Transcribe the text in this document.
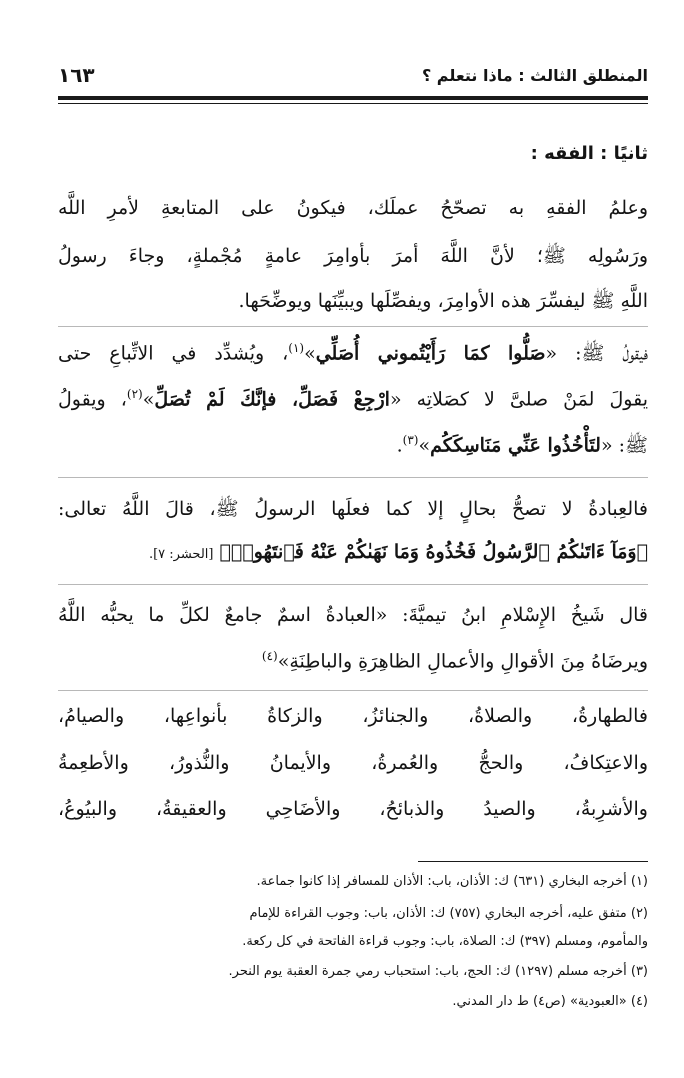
١٦٣	المنطلق الثالث : ماذا نتعلم ؟
ثانيًا : الفقه :
وعلمُ الفقهِ به تصحّحُ عملَك، فيكونُ على المتابعةِ لأمرِ اللَّه
ورَسُولِه ﷺ؛ لأنَّ اللَّهَ أمرَ بأوامِرَ عامةٍ مُجْملةٍ، وجاءَ رسولُ
اللَّهِ ﷺ ليفسِّرَ هذه الأوامِرَ، ويفصِّلَها ويبيِّنَها ويوضِّحَها.
فيقولُ ﷺ: «صَلُّوا كمَا رَأَيْتُموني أُصَلِّي»$^{(١)}$، ويُشدِّد في الاتِّباعِ حتى
يقولَ لمَنْ صلىَّ لا كصَلاتِه «ارْجِعْ فَصَلِّ، فإنَّكَ لَمْ تُصَلِّ»$^{(٢)}$، ويقولُ
ﷺ: «لتَأْخُذُوا عَنِّي مَنَاسِكَكُم»$^{(٣)}$.
فالعِبادةُ لا تصحُّ بحالٍ إلا كما فعلَها الرسولُ ﷺ، قالَ اللَّهُ تعالى:
﴿وَمَآ ءَاتَىٰكُمُ ٱلرَّسُولُ فَخُذُوهُ وَمَا نَهَىٰكُمْ عَنْهُ فَٱنتَهُوا۟﴾ [الحشر: ٧].
قال شَيخُ الإِسْلامِ ابنُ تيميَّةَ: «العبادةُ اسمٌ جامعٌ لكلِّ ما يحبُّه اللَّهُ
ويرضَاهُ مِنَ الأقوالِ والأعمالِ الظاهِرَةِ والباطِنَةِ»$^{(٤)}$
فالطهارةُ، والصلاةُ، والجنائزُ، والزكاةُ بأنواعِها، والصيامُ،
والاعتِكافُ، والحجُّ والعُمرةُ، والأيمانُ والنُّذورُ، والأطعِمةُ
والأشرِبةُ، والصيدُ والذبائحُ، والأضَاحِي والعقيقةُ، والبيُوعُ،
(١) أخرجه البخاري (٦٣١) ك: الأذان، باب: الأذان للمسافر إذا كانوا جماعة.
(٢) متفق عليه، أخرجه البخاري (٧٥٧) ك: الأذان، باب: وجوب القراءة للإمام
والمأموم، ومسلم (٣٩٧) ك: الصلاة، باب: وجوب قراءة الفاتحة في كل ركعة.
(٣) أخرجه مسلم (١٢٩٧) ك: الحج، باب: استحباب رمي جمرة العقبة يوم النحر.
(٤) «العبودية» (ص٤) ط دار المدني.
